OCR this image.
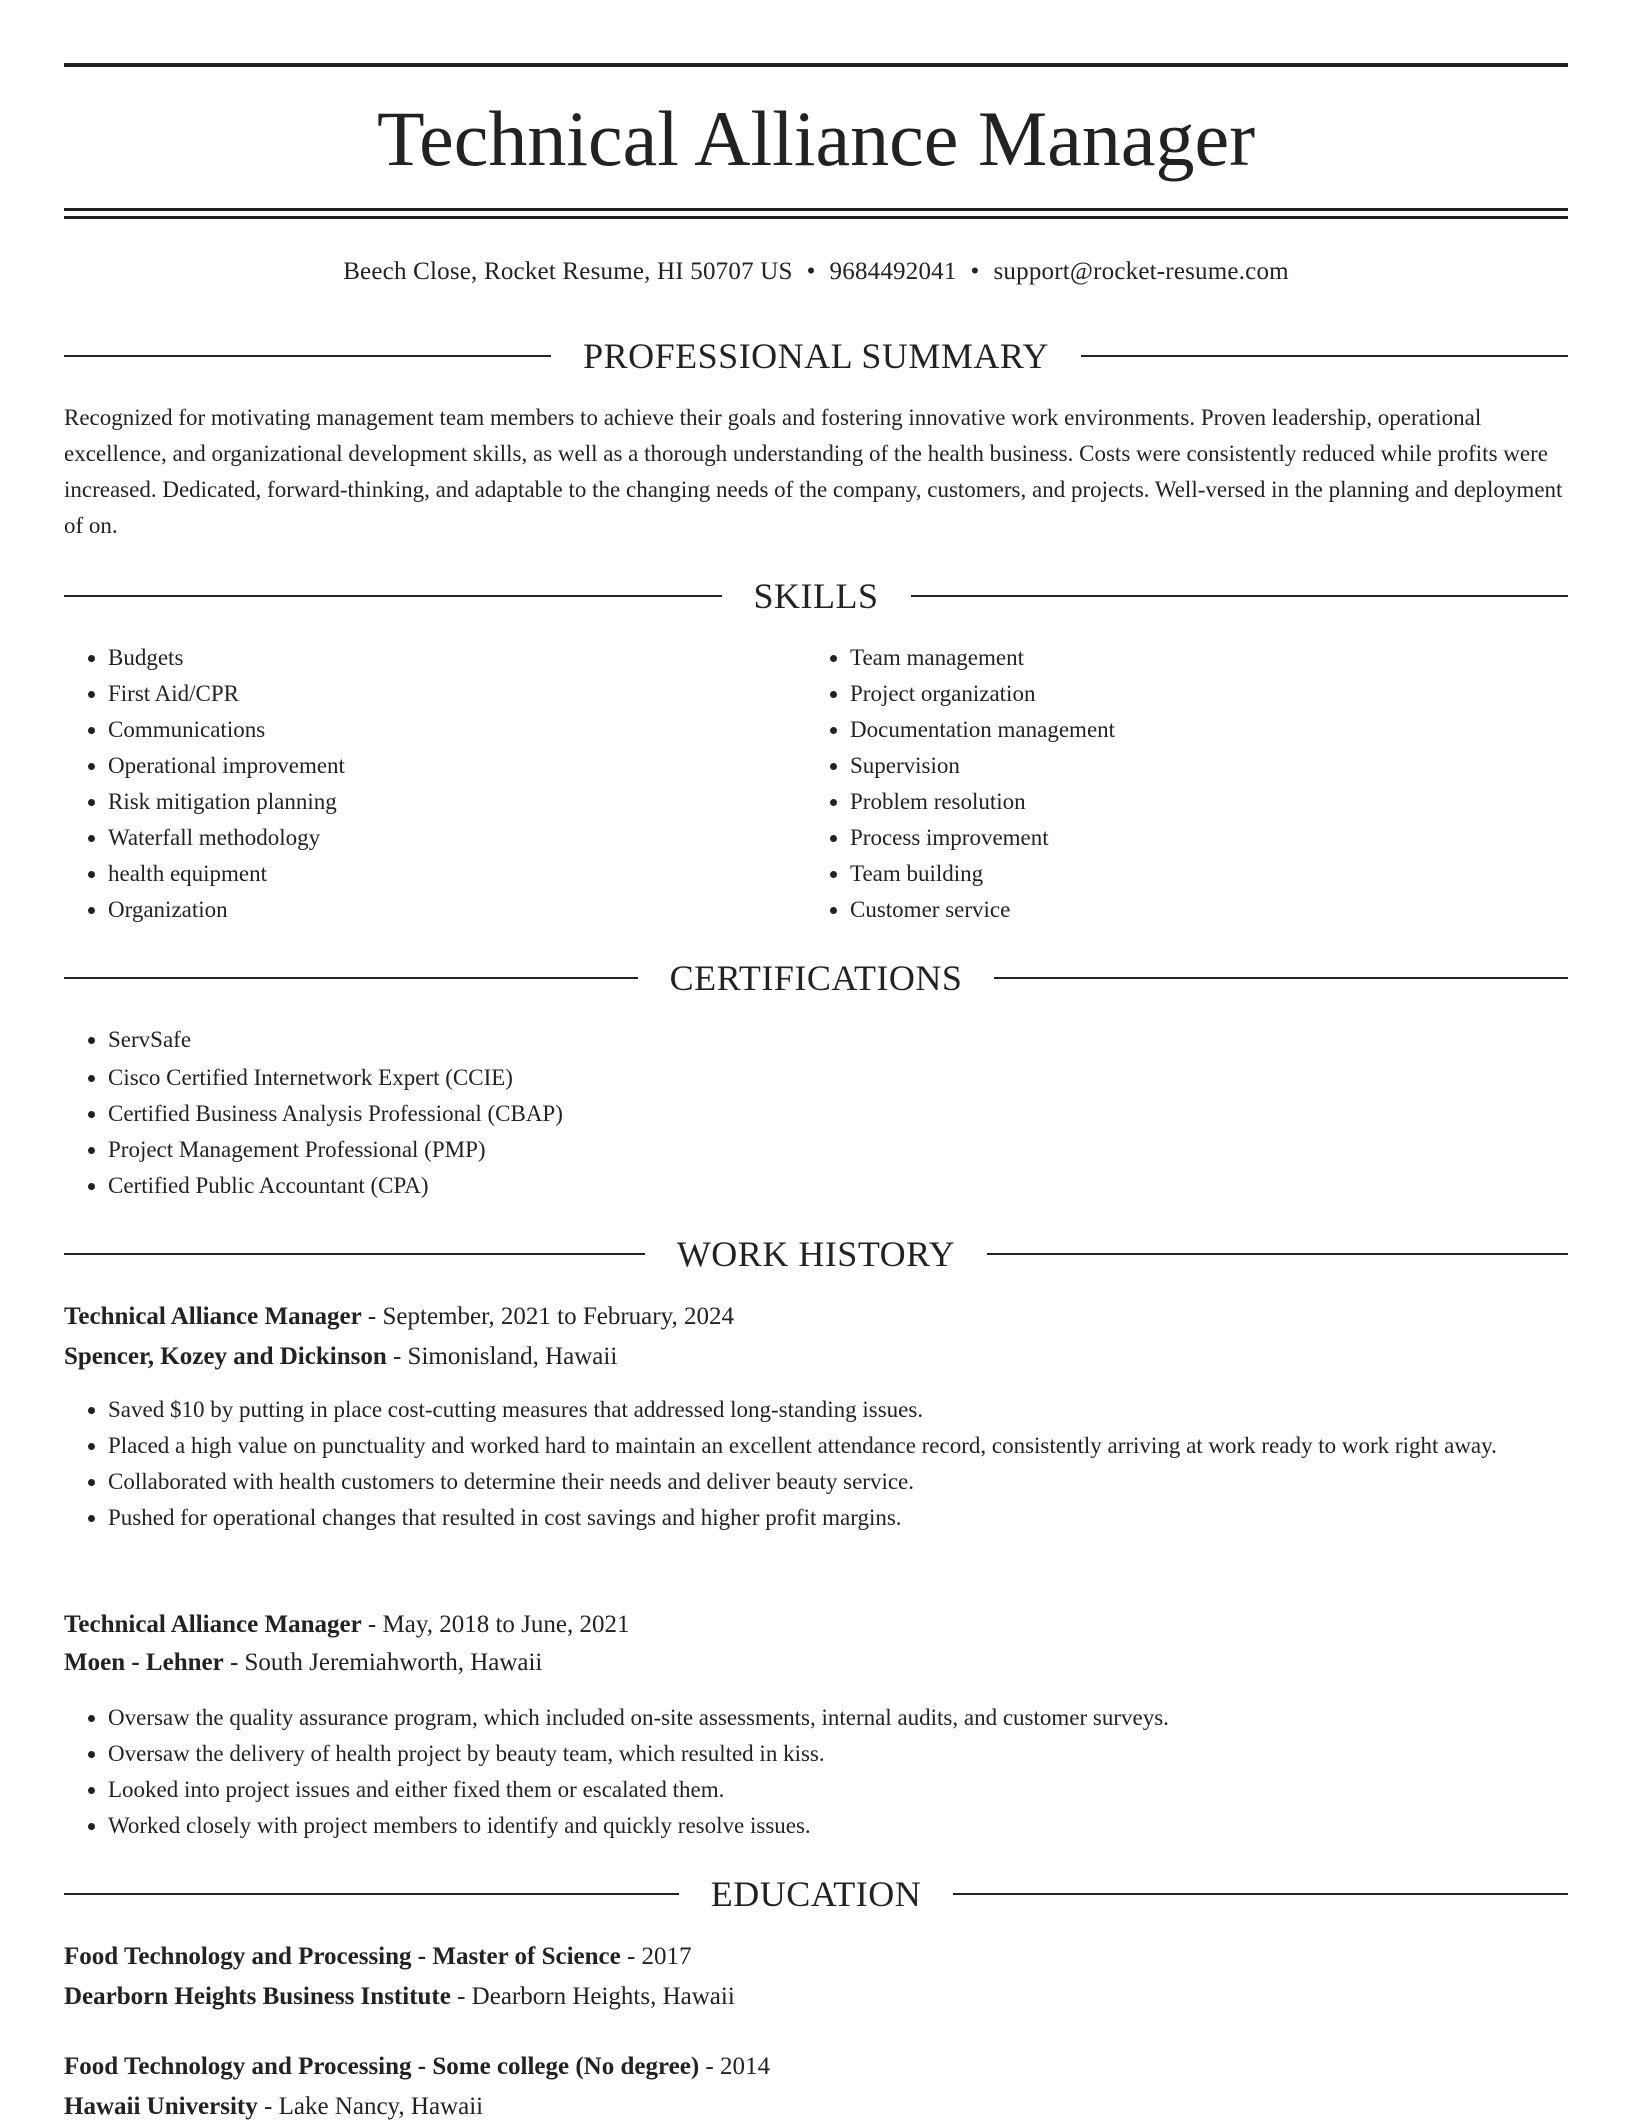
Technical Alliance Manager
Beech Close, Rocket Resume, HI 50707 US • 9684492041 • support@rocket-resume.com
PROFESSIONAL SUMMARY

Recognized for motivating management team members to achieve their goals and fostering innovative work environments. Proven leadership, operational excellence, and organizational development skills, as well as a thorough understanding of the health business. Costs were consistently reduced while profits were increased. Dedicated, forward-thinking, and adaptable to the changing needs of the company, customers, and projects. Well-versed in the planning and deployment of on.

SKILLS
• Budgets
• First Aid/CPR
• Communications
• Operational improvement
• Risk mitigation planning
• Waterfall methodology
• health equipment
• Organization
• Team management
• Project organization
• Documentation management
• Supervision
• Problem resolution
• Process improvement
• Team building
• Customer service
CERTIFICATIONS
• ServSafe
• Cisco Certified Internetwork Expert (CCIE)
• Certified Business Analysis Professional (CBAP)
• Project Management Professional (PMP)
• Certified Public Accountant (CPA)
WORK HISTORY
Technical Alliance Manager - September, 2021 to February, 2024
Spencer, Kozey and Dickinson - Simonisland, Hawaii
• Saved $10 by putting in place cost-cutting measures that addressed long-standing issues.
• Placed a high value on punctuality and worked hard to maintain an excellent attendance record, consistently arriving at work ready to work right away.
• Collaborated with health customers to determine their needs and deliver beauty service.
• Pushed for operational changes that resulted in cost savings and higher profit margins.
Technical Alliance Manager - May, 2018 to June, 2021
Moen - Lehner - South Jeremiahworth, Hawaii
• Oversaw the quality assurance program, which included on-site assessments, internal audits, and customer surveys.
• Oversaw the delivery of health project by beauty team, which resulted in kiss.
• Looked into project issues and either fixed them or escalated them.
• Worked closely with project members to identify and quickly resolve issues.
EDUCATION
Food Technology and Processing - Master of Science - 2017
Dearborn Heights Business Institute - Dearborn Heights, Hawaii
Food Technology and Processing - Some college (No degree) - 2014
Hawaii University - Lake Nancy, Hawaii
